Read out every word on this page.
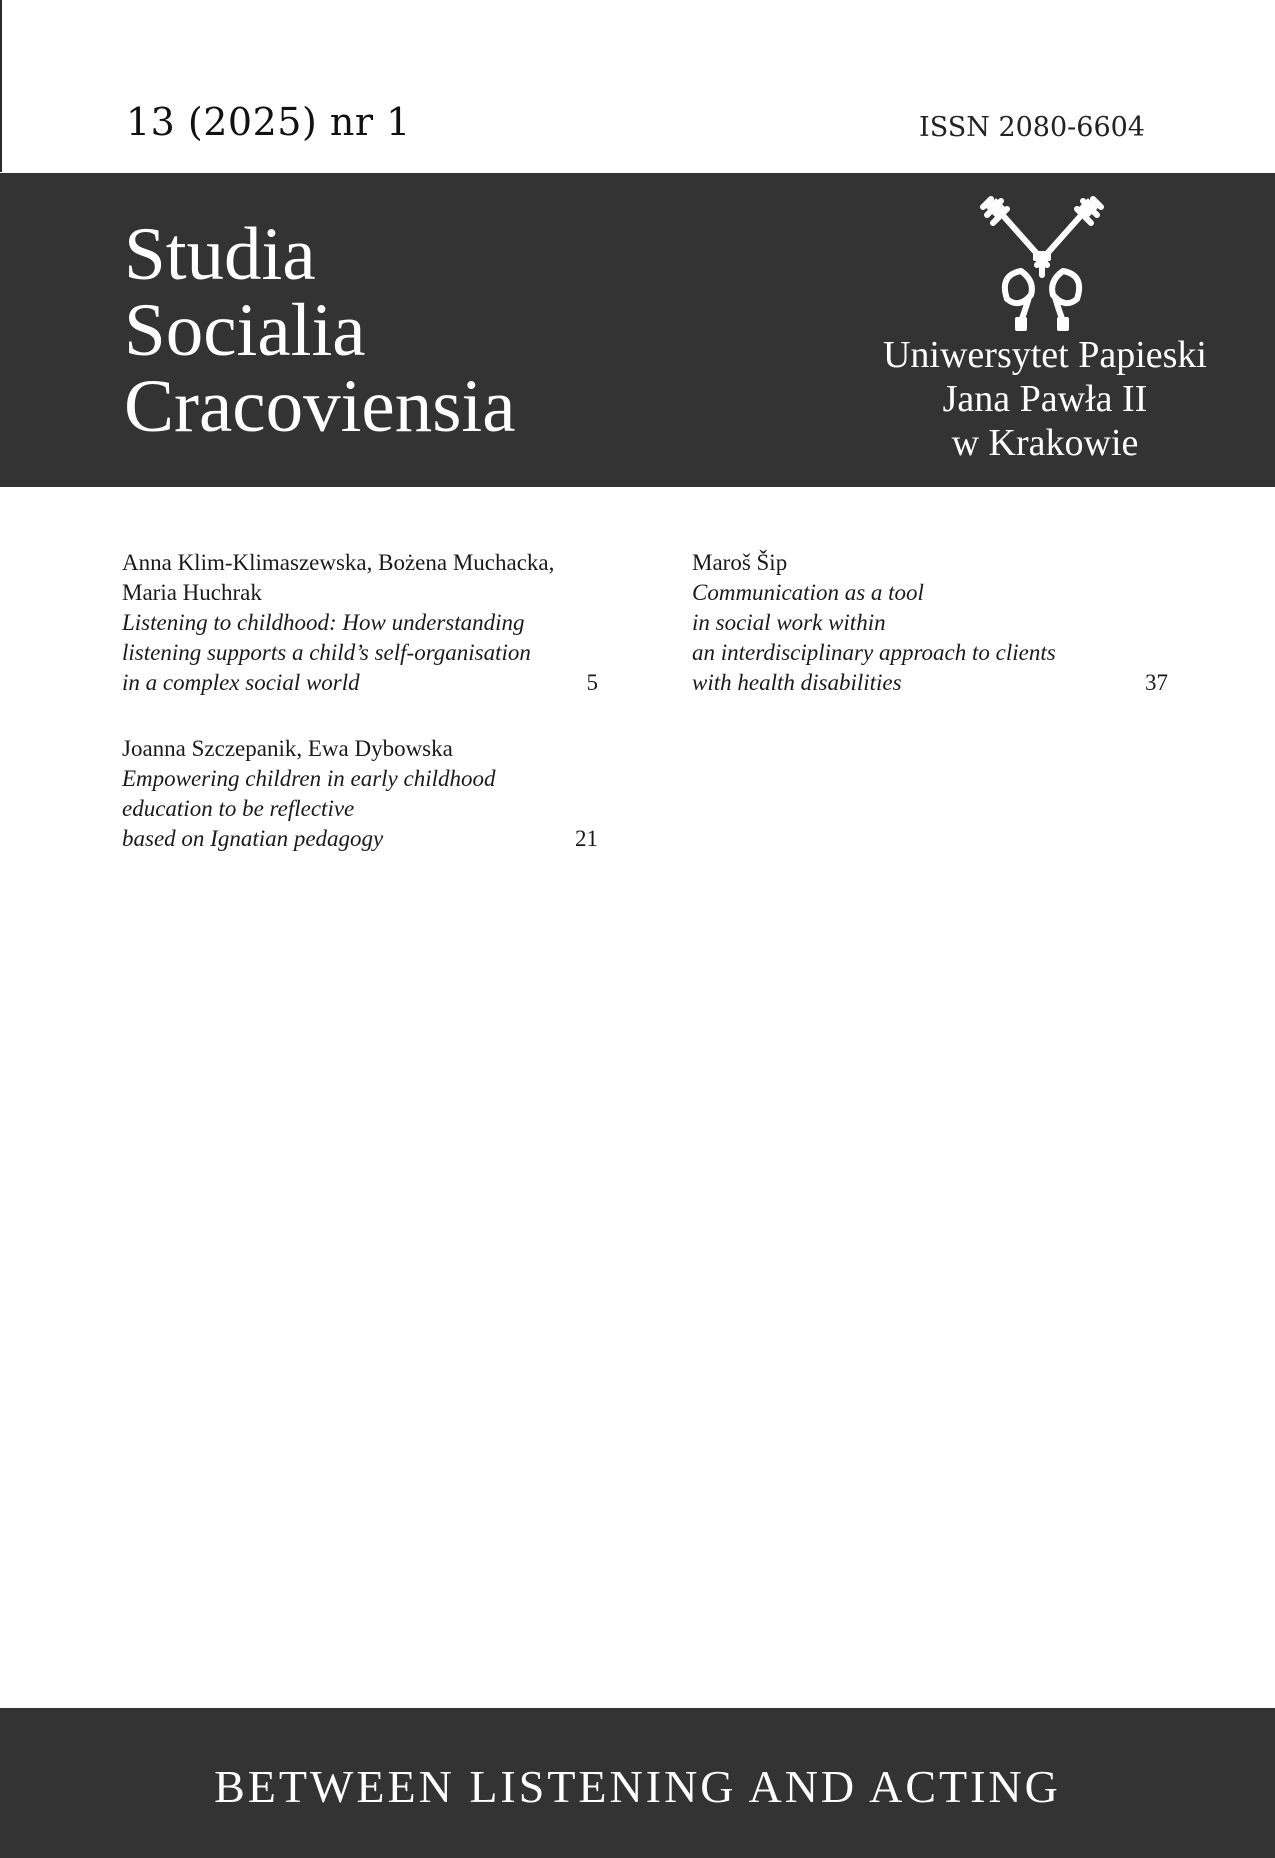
13 (2025) nr 1	ISSN 2080-6604
Studia
Socialia
Cracoviensia
Uniwersytet Papieski
Jana Pawła II
w Krakowie
Anna Klim-Klimaszewska, Bożena Muchacka,
Maria Huchrak
Listening to childhood: How understanding
listening supports a child’s self-organisation
in a complex social world	5
Joanna Szczepanik, Ewa Dybowska
Empowering children in early childhood
education to be reflective
based on Ignatian pedagogy	21
Maroš Šip
Communication as a tool
in social work within
an interdisciplinary approach to clients
with health disabilities	37
BETWEEN LISTENING AND ACTING
